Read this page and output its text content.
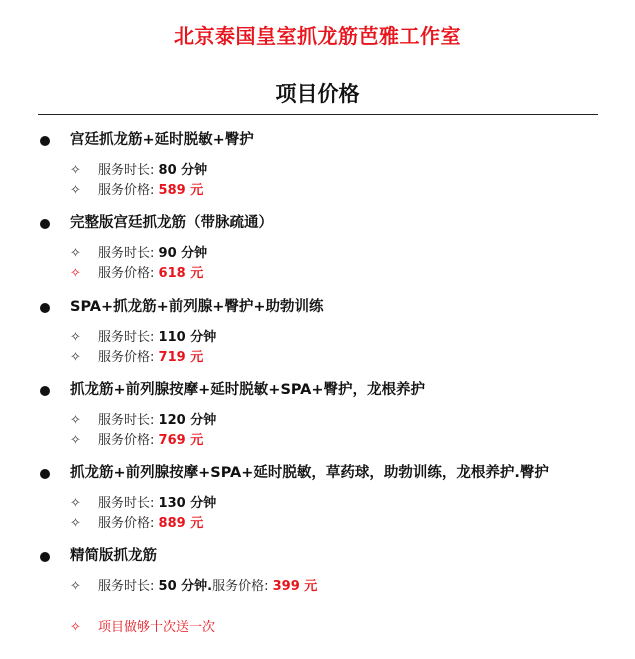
北京泰国皇室抓龙筋芭雅工作室
项目价格
宫廷抓龙筋+延时脱敏+臀护
✧ 服务时长: 80 分钟
✧ 服务价格: 589 元
完整版宫廷抓龙筋（带脉疏通）
✧ 服务时长: 90 分钟
✧ 服务价格: 618 元
SPA+抓龙筋+前列腺+臀护+助勃训练
✧ 服务时长: 110 分钟
✧ 服务价格: 719 元
抓龙筋+前列腺按摩+延时脱敏+SPA+臀护，龙根养护
✧ 服务时长: 120 分钟
✧ 服务价格: 769 元
抓龙筋+前列腺按摩+SPA+延时脱敏，草药球，助勃训练，龙根养护.臀护
✧ 服务时长: 130 分钟
✧ 服务价格: 889 元
精简版抓龙筋
✧ 服务时长: 50 分钟.服务价格: 399 元
✧ 项目做够十次送一次
